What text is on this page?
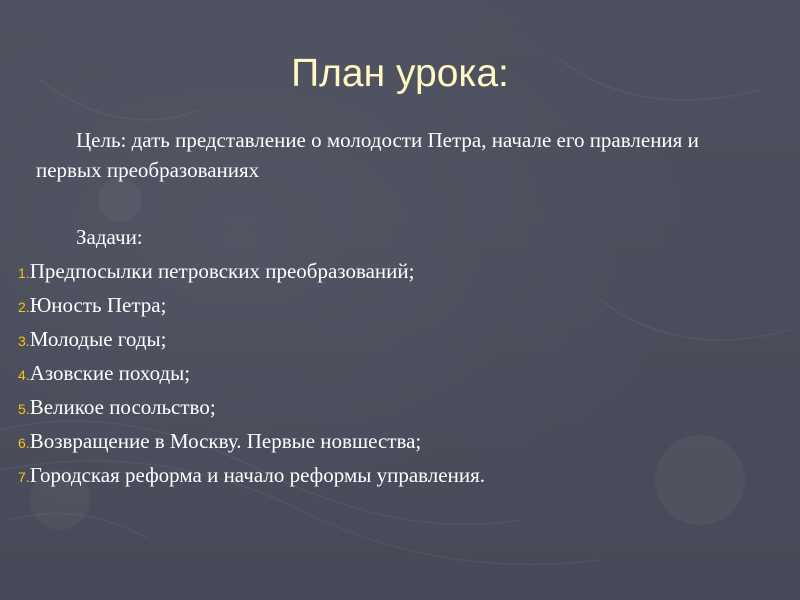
План урока:

Цель: дать представление о молодости Петра, начале его правления и первых преобразованиях

Задачи:

1.Предпосылки петровских преобразований;
2.Юность Петра;
3.Молодые годы;
4.Азовские походы;
5.Великое посольство;
6.Возвращение в Москву. Первые новшества;
7.Городская реформа и начало реформы управления.
